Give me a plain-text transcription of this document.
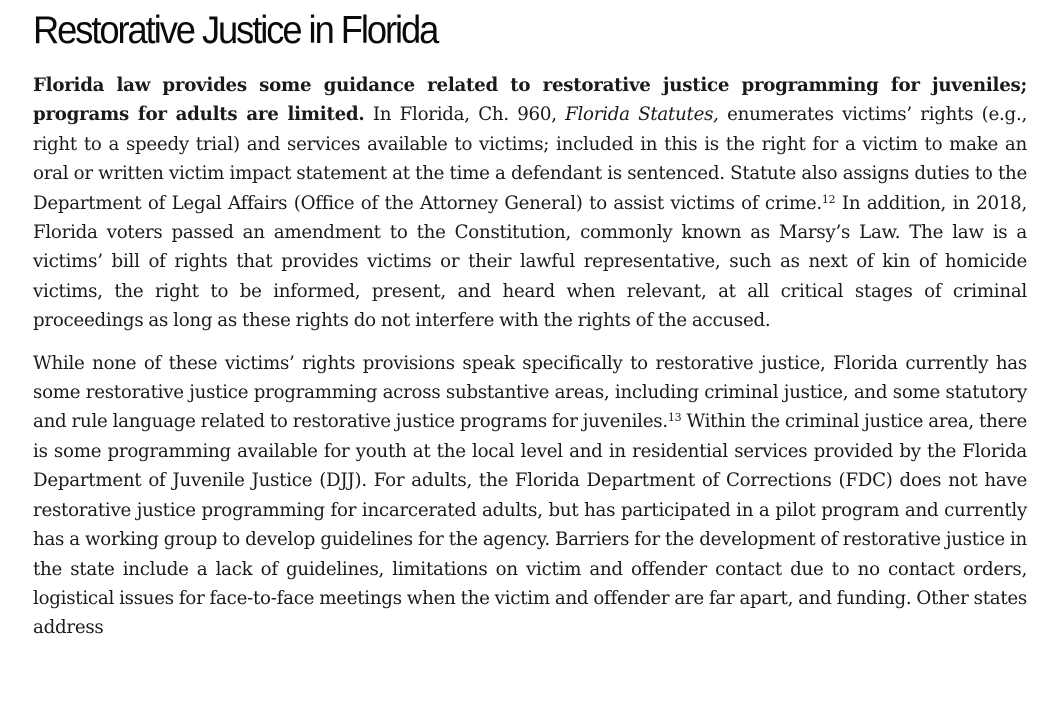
Restorative Justice in Florida

Florida law provides some guidance related to restorative justice programming for juveniles; programs for adults are limited. In Florida, Ch. 960, Florida Statutes, enumerates victims’ rights (e.g., right to a speedy trial) and services available to victims; included in this is the right for a victim to make an oral or written victim impact statement at the time a defendant is sentenced. Statute also assigns duties to the Department of Legal Affairs (Office of the Attorney General) to assist victims of crime.$^{12}$ In addition, in 2018, Florida voters passed an amendment to the Constitution, commonly known as Marsy’s Law. The law is a victims’ bill of rights that provides victims or their lawful representative, such as next of kin of homicide victims, the right to be informed, present, and heard when relevant, at all critical stages of criminal proceedings as long as these rights do not interfere with the rights of the accused.

While none of these victims’ rights provisions speak specifically to restorative justice, Florida currently has some restorative justice programming across substantive areas, including criminal justice, and some statutory and rule language related to restorative justice programs for juveniles.$^{13}$ Within the criminal justice area, there is some programming available for youth at the local level and in residential services provided by the Florida Department of Juvenile Justice (DJJ). For adults, the Florida Department of Corrections (FDC) does not have restorative justice programming for incarcerated adults, but has participated in a pilot program and currently has a working group to develop guidelines for the agency. Barriers for the development of restorative justice in the state include a lack of guidelines, limitations on victim and offender contact due to no contact orders, logistical issues for face-to-face meetings when the victim and offender are far apart, and funding. Other states address
